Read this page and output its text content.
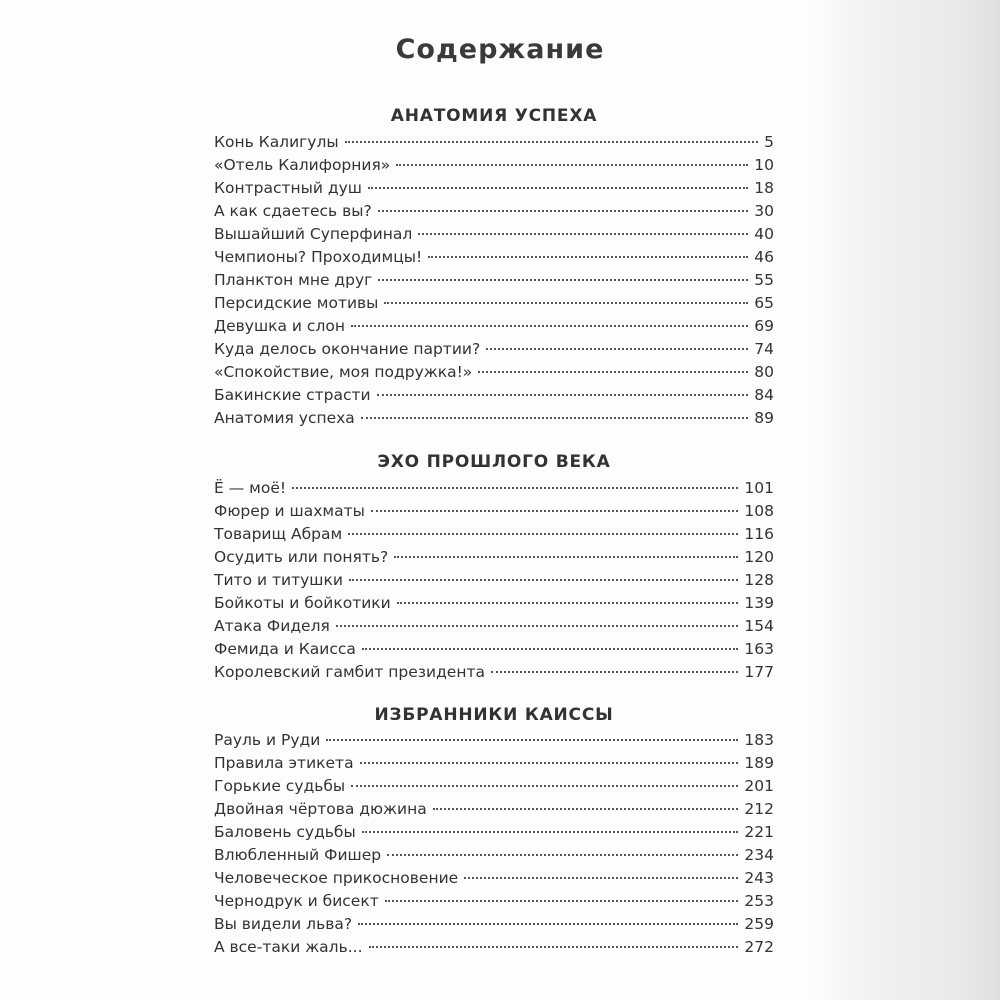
Содержание
АНАТОМИЯ УСПЕХА
Конь Калигулы	5
«Отель Калифорния»	10
Контрастный душ	18
А как сдаетесь вы?	30
Вышайший Суперфинал	40
Чемпионы? Проходимцы!	46
Планктон мне друг	55
Персидские мотивы	65
Девушка и слон	69
Куда делось окончание партии?	74
«Спокойствие, моя подружка!»	80
Бакинские страсти	84
Анатомия успеха	89
ЭХО ПРОШЛОГО ВЕКА
Ё — моё!	101
Фюрер и шахматы	108
Товарищ Абрам	116
Осудить или понять?	120
Тито и титушки	128
Бойкоты и бойкотики	139
Атака Фиделя	154
Фемида и Каисса	163
Королевский гамбит президента	177
ИЗБРАННИКИ КАИССЫ
Рауль и Руди	183
Правила этикета	189
Горькие судьбы	201
Двойная чёртова дюжина	212
Баловень судьбы	221
Влюбленный Фишер	234
Человеческое прикосновение	243
Чернодрук и бисект	253
Вы видели льва?	259
А все-таки жаль...	272
